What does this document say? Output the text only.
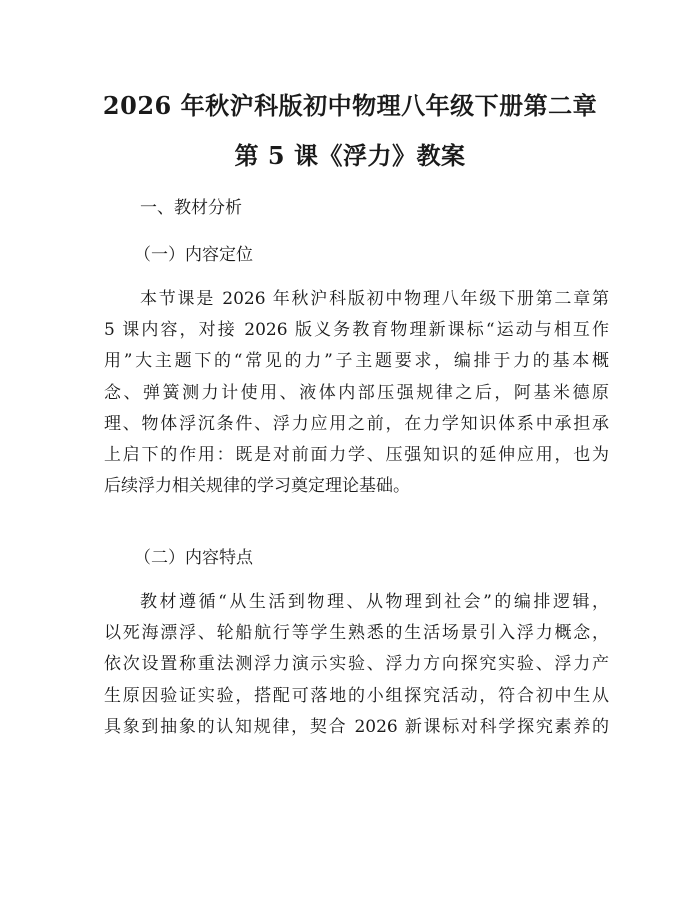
2026 年秋沪科版初中物理八年级下册第二章
第 5 课《浮力》教案
一、教材分析
（一）内容定位
本节课是 2026 年秋沪科版初中物理八年级下册第二章第
5 课内容，对接 2026 版义务教育物理新课标“运动与相互作
用”大主题下的“常见的力”子主题要求，编排于力的基本概
念、弹簧测力计使用、液体内部压强规律之后，阿基米德原
理、物体浮沉条件、浮力应用之前，在力学知识体系中承担承
上启下的作用：既是对前面力学、压强知识的延伸应用，也为
后续浮力相关规律的学习奠定理论基础。
（二）内容特点
教材遵循“从生活到物理、从物理到社会”的编排逻辑，
以死海漂浮、轮船航行等学生熟悉的生活场景引入浮力概念，
依次设置称重法测浮力演示实验、浮力方向探究实验、浮力产
生原因验证实验，搭配可落地的小组探究活动，符合初中生从
具象到抽象的认知规律，契合 2026 新课标对科学探究素养的
